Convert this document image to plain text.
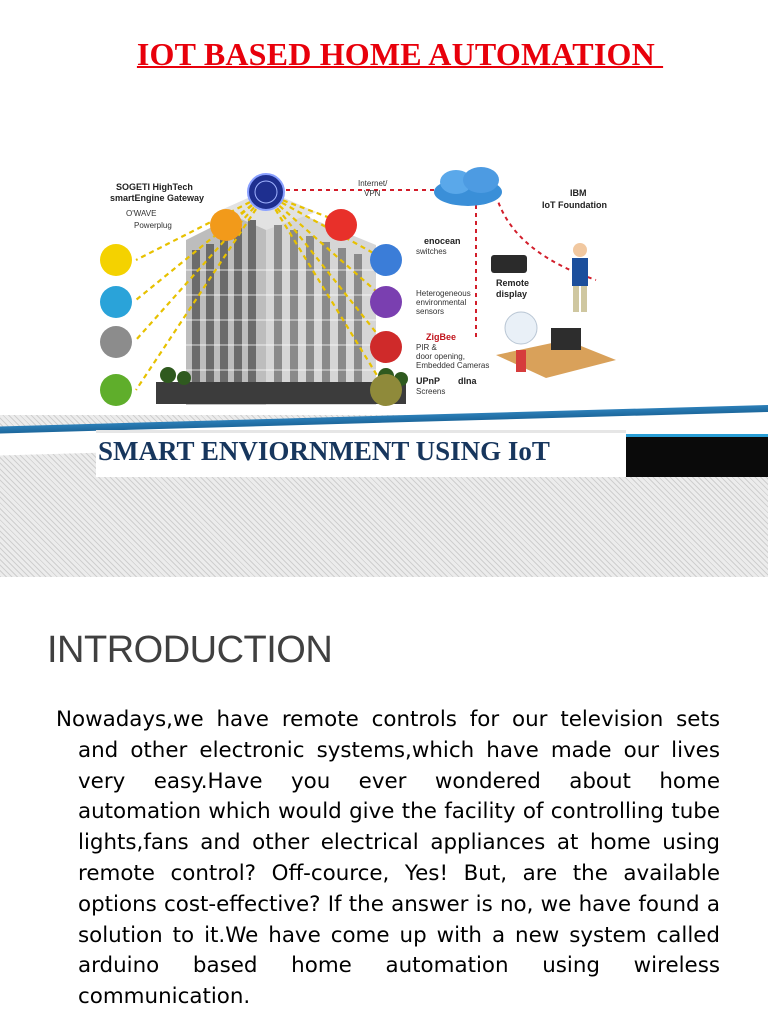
IOT BASED HOME AUTOMATION
SOGETI HighTech
smartEngine Gateway
O'WAVE
Powerplug
Internet/
VPN	IBM
IoT Foundation
enocean
switches
Heterogeneous
environmental
sensors
ZigBee
PIR &
door opening,
Embedded Cameras
UPnP dlna
Screens
Remote
display
SMART ENVIORNMENT USING IoT
INTRODUCTION

Nowadays,we have remote controls for our television sets and other electronic systems,which have made our lives very easy.Have you ever wondered about home automation which would give the facility of controlling tube lights,fans and other electrical appliances at home using remote control? Off-cource, Yes! But, are the available options cost-effective? If the answer is no, we have found a solution to it.We have come up with a new system called arduino based home automation using wireless communication.
